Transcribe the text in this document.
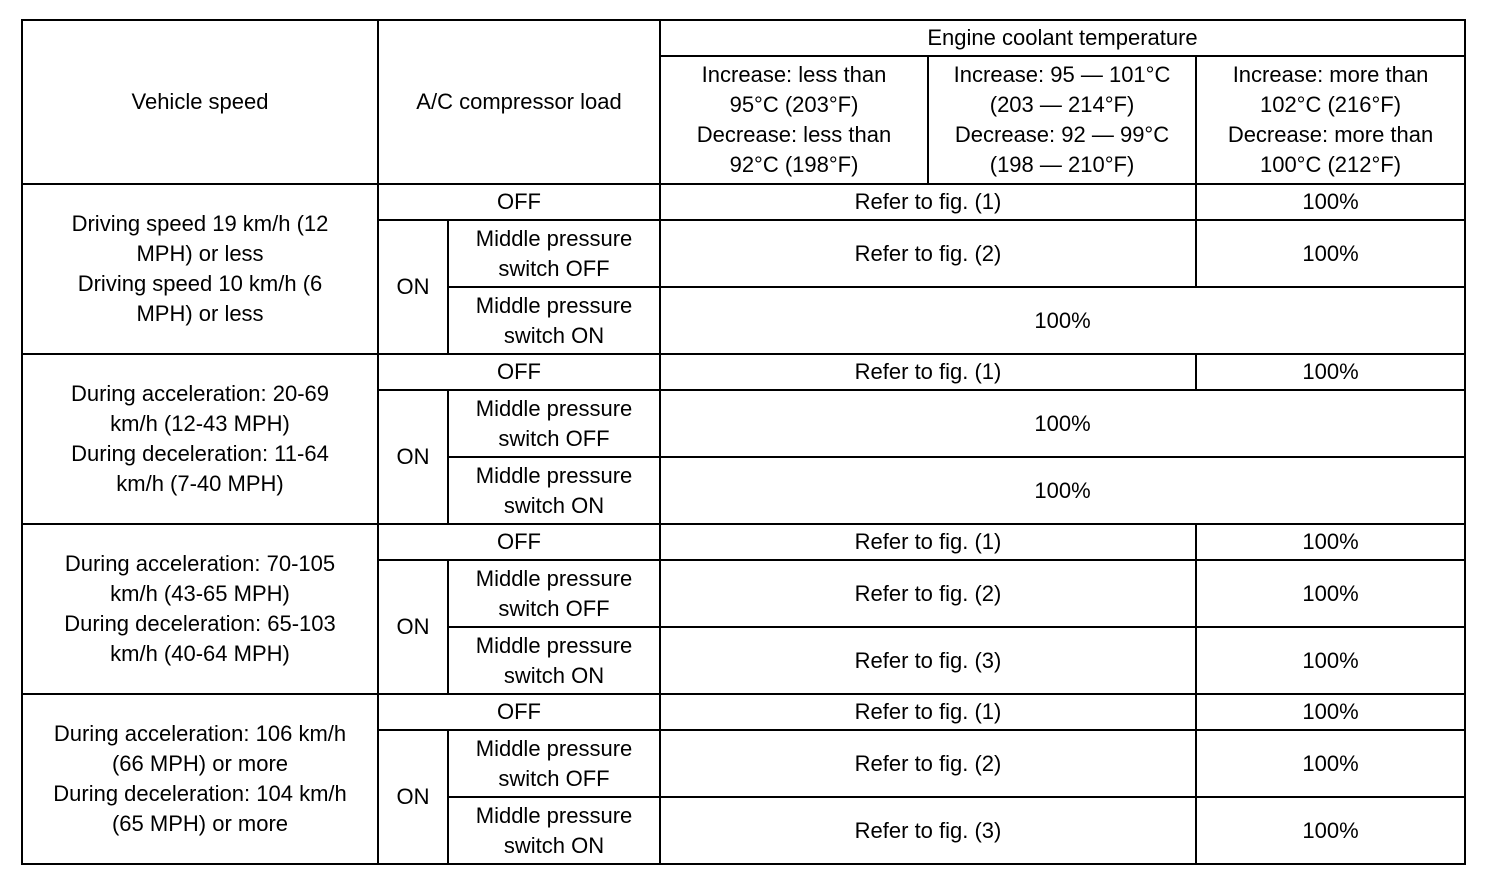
Vehicle speed	A/C compressor load		Engine coolant temperature		

			Increase: less than
95°C (203°F)
Decrease: less than
92°C (198°F)	Increase: 95 — 101°C
(203 — 214°F)
Decrease: 92 — 99°C
(198 — 210°F)	Increase: more than
102°C (216°F)
Decrease: more than
100°C (212°F)

Driving speed 19 km/h (12
MPH) or less
Driving speed 10 km/h (6
MPH) or less	OFF		Refer to fig. (1)		100%
	ON	Middle pressure
switch OFF	Refer to fig. (2)		100%

		Middle pressure
switch ON	100%		

During acceleration: 20-69
km/h (12-43 MPH)
During deceleration: 11-64
km/h (7-40 MPH)	OFF		Refer to fig. (1)		100%
	ON	Middle pressure
switch OFF	100%		

		Middle pressure
switch ON	100%		

During acceleration: 70-105
km/h (43-65 MPH)
During deceleration: 65-103
km/h (40-64 MPH)	OFF		Refer to fig. (1)		100%
	ON	Middle pressure
switch OFF	Refer to fig. (2)		100%

		Middle pressure
switch ON	Refer to fig. (3)		100%

During acceleration: 106 km/h
(66 MPH) or more
During deceleration: 104 km/h
(65 MPH) or more	OFF		Refer to fig. (1)		100%
	ON	Middle pressure
switch OFF	Refer to fig. (2)		100%

		Middle pressure
switch ON	Refer to fig. (3)		100%
